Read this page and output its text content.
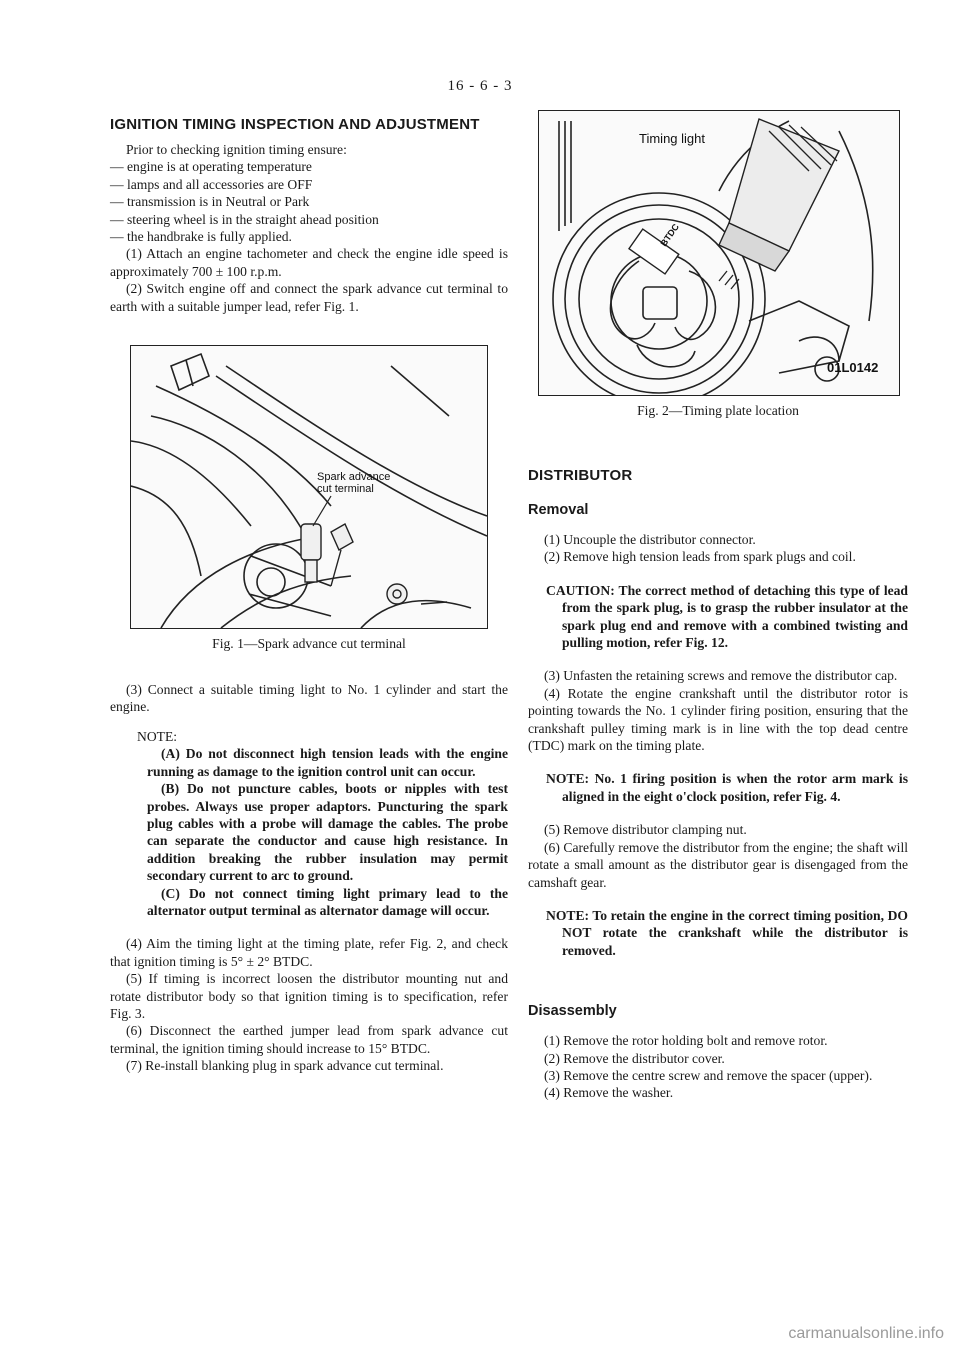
16 - 6 - 3
IGNITION TIMING INSPECTION AND ADJUSTMENT

Prior to checking ignition timing ensure:

— engine is at operating temperature

— lamps and all accessories are OFF

— transmission is in Neutral or Park

— steering wheel is in the straight ahead position

— the handbrake is fully applied.

(1) Attach an engine tachometer and check the engine idle speed is approximately 700 ± 100 r.p.m.

(2) Switch engine off and connect the spark advance cut terminal to earth with a suitable jumper lead, refer Fig. 1.

Spark advance
cut terminal
Fig. 1—Spark advance cut terminal

(3) Connect a suitable timing light to No. 1 cylinder and start the engine.

NOTE:

(A) Do not disconnect high tension leads with the engine running as damage to the ignition control unit can occur.

(B) Do not puncture cables, boots or nipples with test probes. Always use proper adaptors. Puncturing the spark plug cables with a probe will damage the cables. The probe can separate the conductor and cause high resistance. In addition breaking the rubber insulation may permit secondary current to arc to ground.

(C) Do not connect timing light primary lead to the alternator output terminal as alternator damage will occur.

(4) Aim the timing light at the timing plate, refer Fig. 2, and check that ignition timing is 5° ± 2° BTDC.

(5) If timing is incorrect loosen the distributor mounting nut and rotate distributor body so that ignition timing is to specification, refer Fig. 3.

(6) Disconnect the earthed jumper lead from spark advance cut terminal, the ignition timing should increase to 15° BTDC.

(7) Re-install blanking plug in spark advance cut terminal.

BTDC
Timing light
01L0142
Fig. 2—Timing plate location
DISTRIBUTOR
Removal

(1) Uncouple the distributor connector.

(2) Remove high tension leads from spark plugs and coil.

CAUTION: The correct method of detaching this type of lead from the spark plug, is to grasp the rubber insulator at the spark plug end and remove with a combined twisting and pulling motion, refer Fig. 12.

(3) Unfasten the retaining screws and remove the distributor cap.

(4) Rotate the engine crankshaft until the distributor rotor is pointing towards the No. 1 cylinder firing position, ensuring that the crankshaft pulley timing mark is in line with the top dead centre (TDC) mark on the timing plate.

NOTE: No. 1 firing position is when the rotor arm mark is aligned in the eight o'clock position, refer Fig. 4.

(5) Remove distributor clamping nut.

(6) Carefully remove the distributor from the engine; the shaft will rotate a small amount as the distributor gear is disengaged from the camshaft gear.

NOTE: To retain the engine in the correct timing position, DO NOT rotate the crankshaft while the distributor is removed.

Disassembly

(1) Remove the rotor holding bolt and remove rotor.

(2) Remove the distributor cover.

(3) Remove the centre screw and remove the spacer (upper).

(4) Remove the washer.

carmanualsonline.info
